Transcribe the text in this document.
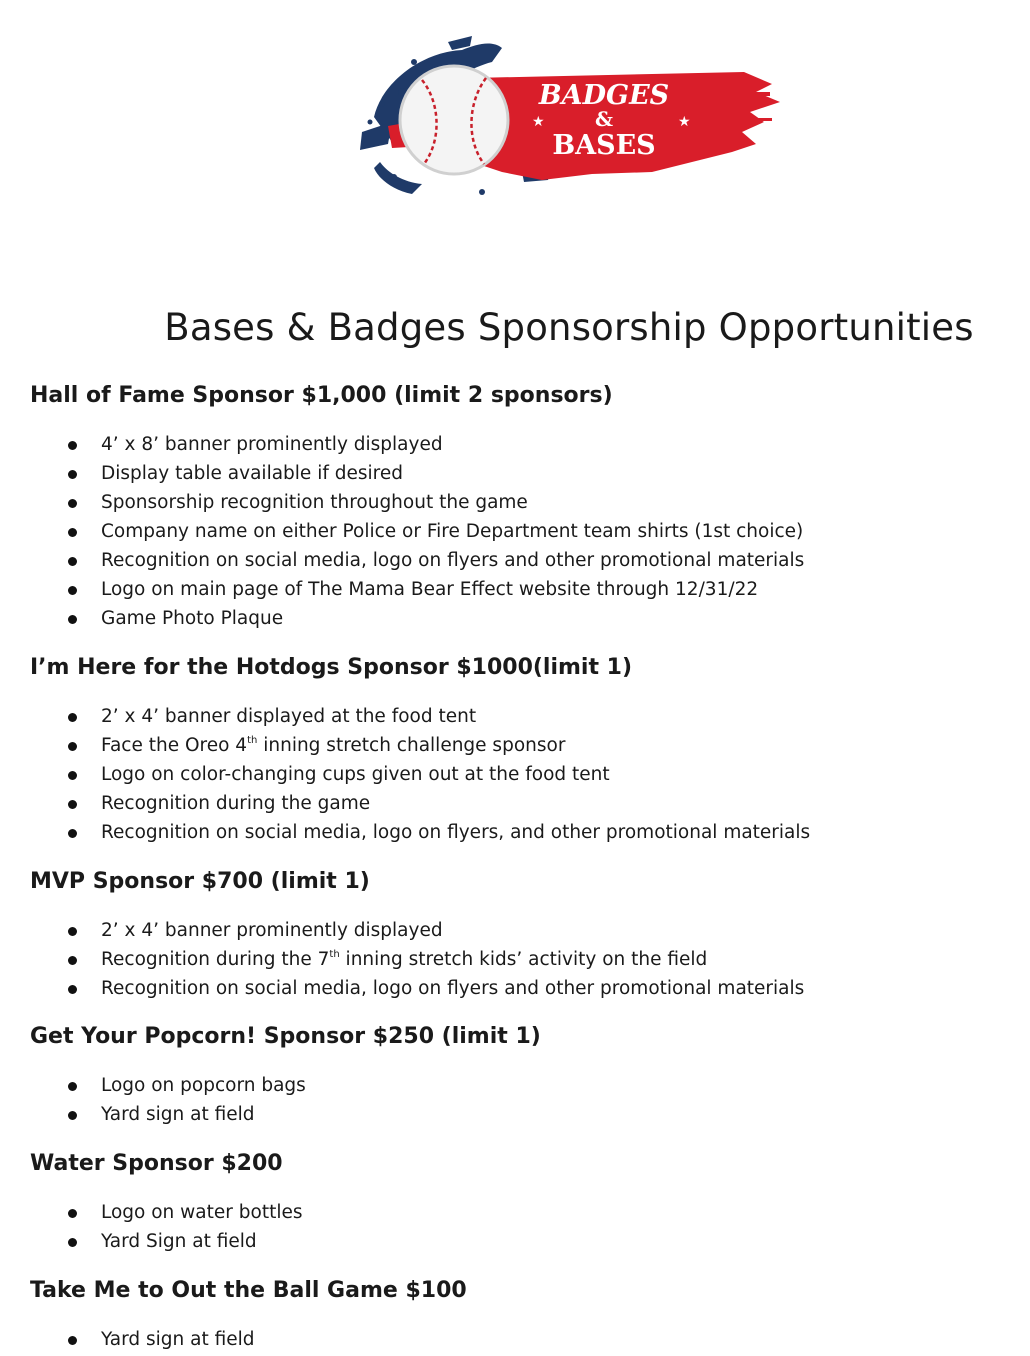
★	★
BADGES
&
BASES
Bases & Badges Sponsorship Opportunities
Hall of Fame Sponsor $1,000 (limit 2 sponsors)
4’ x 8’ banner prominently displayed
Display table available if desired
Sponsorship recognition throughout the game
Company name on either Police or Fire Department team shirts (1st choice)
Recognition on social media, logo on flyers and other promotional materials
Logo on main page of The Mama Bear Effect website through 12/31/22
Game Photo Plaque
I’m Here for the Hotdogs Sponsor $1000(limit 1)
2’ x 4’ banner displayed at the food tent
Face the Oreo 4th inning stretch challenge sponsor
Logo on color-changing cups given out at the food tent
Recognition during the game
Recognition on social media, logo on flyers, and other promotional materials
MVP Sponsor $700 (limit 1)
2’ x 4’ banner prominently displayed
Recognition during the 7th inning stretch kids’ activity on the field
Recognition on social media, logo on flyers and other promotional materials
Get Your Popcorn! Sponsor $250 (limit 1)
Logo on popcorn bags
Yard sign at field
Water Sponsor $200
Logo on water bottles
Yard Sign at field
Take Me to Out the Ball Game $100
Yard sign at field
